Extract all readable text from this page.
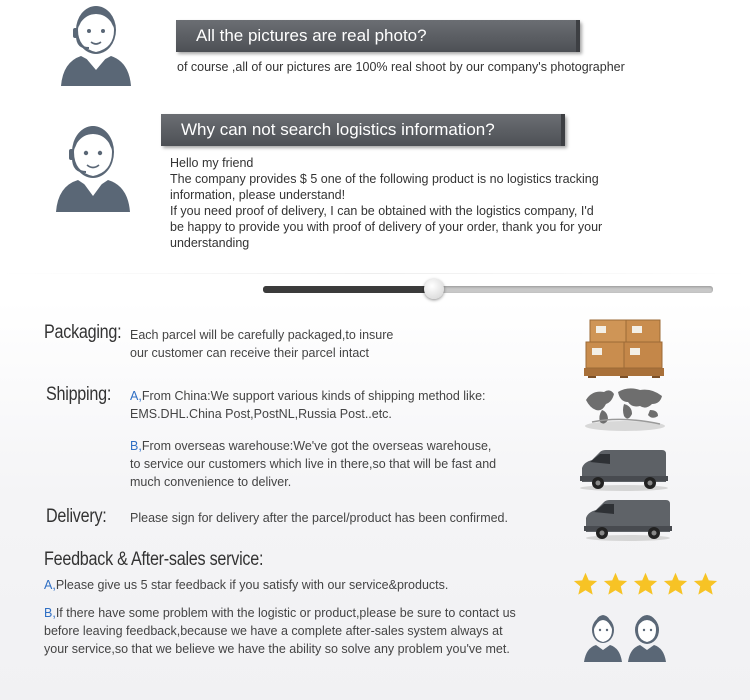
All the pictures are real photo?
of course ,all of our pictures are 100% real shoot by our company's photographer
Why can not search logistics information?
Hello my friend
The company provides $ 5 one of the following product is no logistics tracking
information, please understand!
If you need proof of delivery, I can be obtained with the logistics company, I'd
be happy to provide you with proof of delivery of your order, thank you for your
understanding
Packaging: Each parcel will be carefully packaged,to insure
our customer can receive their parcel intact
Shipping: A,From China:We support various kinds of shipping method like:
EMS.DHL.China Post,PostNL,Russia Post..etc.
B,From overseas warehouse:We've got the overseas warehouse,
to service our customers which live in there,so that will be fast and
much convenience to deliver.
Delivery: Please sign for delivery after the parcel/product has been confirmed.
Feedback & After-sales service:
A,Please give us 5 star feedback if you satisfy with our service&products.
B,If there have some problem with the logistic or product,please be sure to contact us
before leaving feedback,because we have a complete after-sales system always at
your service,so that we believe we have the ability so solve any problem you've met.
